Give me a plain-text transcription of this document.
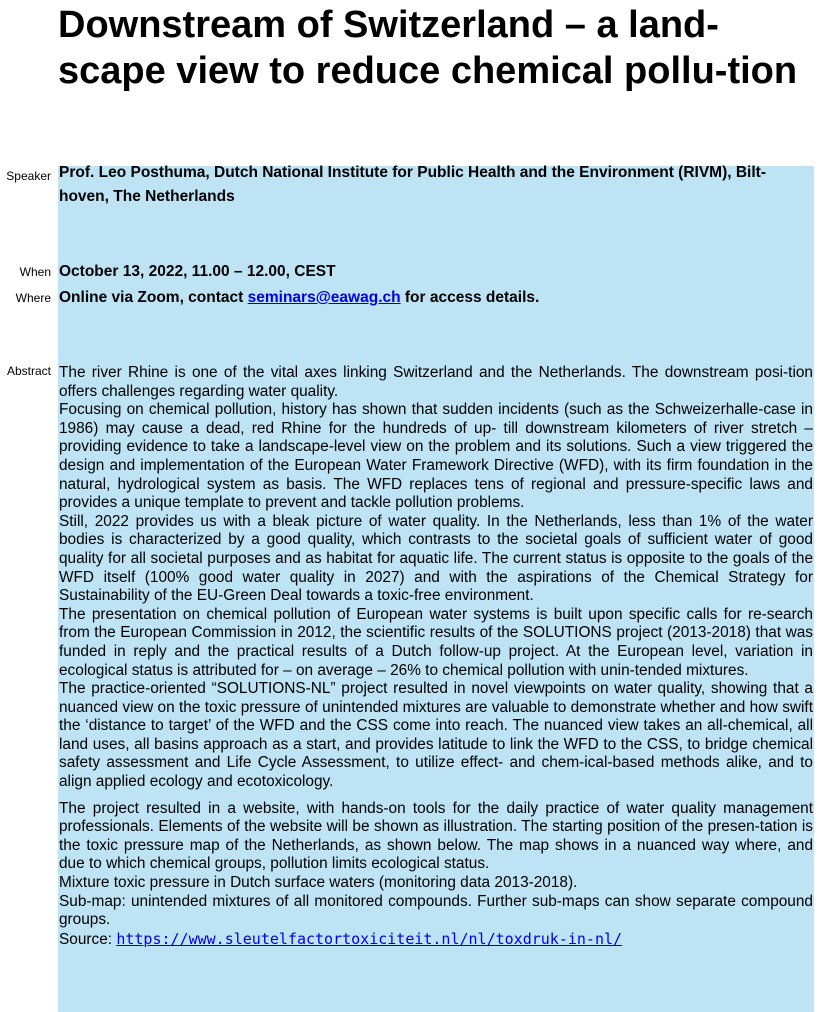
Downstream of Switzerland – a land-scape view to reduce chemical pollu-tion
Speaker Prof. Leo Posthuma, Dutch National Institute for Public Health and the Environment (RIVM), Bilt-hoven, The Netherlands
When October 13, 2022, 11.00 – 12.00, CEST
Where Online via Zoom, contact seminars@eawag.ch for access details.
Abstract The river Rhine is one of the vital axes linking Switzerland and the Netherlands. The downstream posi-tion offers challenges regarding water quality.

Focusing on chemical pollution, history has shown that sudden incidents (such as the Schweizerhalle-case in 1986) may cause a dead, red Rhine for the hundreds of up- till downstream kilometers of river stretch – providing evidence to take a landscape-level view on the problem and its solutions. Such a view triggered the design and implementation of the European Water Framework Directive (WFD), with its firm foundation in the natural, hydrological system as basis. The WFD replaces tens of regional and pressure-specific laws and provides a unique template to prevent and tackle pollution problems.

Still, 2022 provides us with a bleak picture of water quality. In the Netherlands, less than 1% of the water bodies is characterized by a good quality, which contrasts to the societal goals of sufficient water of good quality for all societal purposes and as habitat for aquatic life. The current status is opposite to the goals of the WFD itself (100% good water quality in 2027) and with the aspirations of the Chemical Strategy for Sustainability of the EU-Green Deal towards a toxic-free environment.

The presentation on chemical pollution of European water systems is built upon specific calls for re-search from the European Commission in 2012, the scientific results of the SOLUTIONS project (2013-2018) that was funded in reply and the practical results of a Dutch follow-up project. At the European level, variation in ecological status is attributed for – on average – 26% to chemical pollution with unin-tended mixtures.

The practice-oriented “SOLUTIONS-NL” project resulted in novel viewpoints on water quality, showing that a nuanced view on the toxic pressure of unintended mixtures are valuable to demonstrate whether and how swift the ‘distance to target’ of the WFD and the CSS come into reach. The nuanced view takes an all-chemical, all land uses, all basins approach as a start, and provides latitude to link the WFD to the CSS, to bridge chemical safety assessment and Life Cycle Assessment, to utilize effect- and chem-ical-based methods alike, and to align applied ecology and ecotoxicology.

The project resulted in a website, with hands-on tools for the daily practice of water quality management professionals. Elements of the website will be shown as illustration. The starting position of the presen-tation is the toxic pressure map of the Netherlands, as shown below. The map shows in a nuanced way where, and due to which chemical groups, pollution limits ecological status.

Mixture toxic pressure in Dutch surface waters (monitoring data 2013-2018).

Sub-map: unintended mixtures of all monitored compounds. Further sub-maps can show separate compound groups.

Source: https://www.sleutelfactortoxiciteit.nl/nl/toxdruk-in-nl/
